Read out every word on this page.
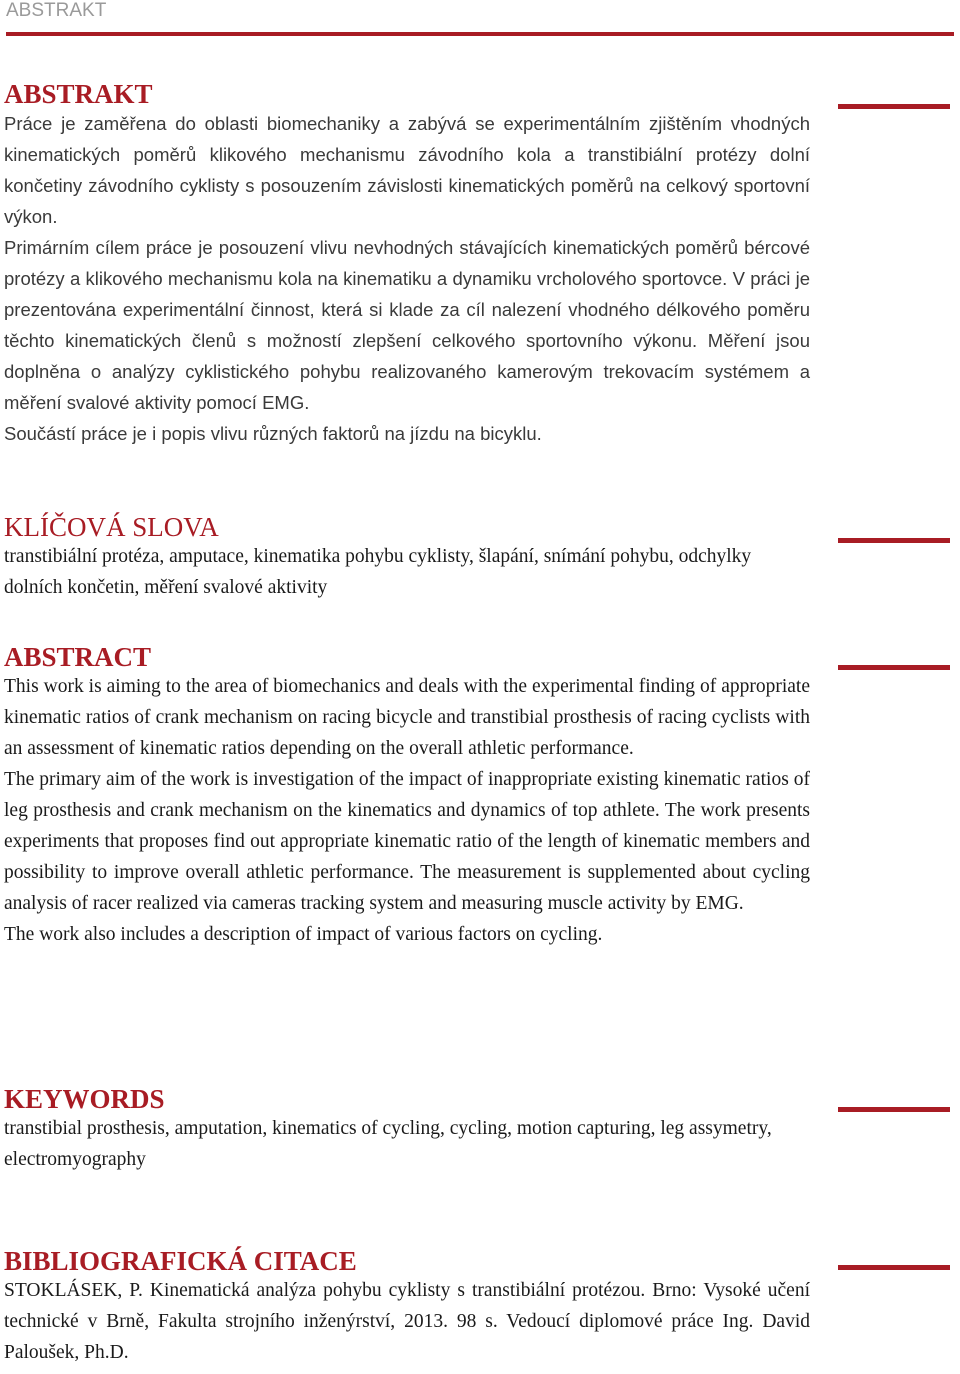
ABSTRAKT
ABSTRAKT

Práce je zaměřena do oblasti biomechaniky a zabývá se experimentálním zjištěním vhodných kinematických poměrů klikového mechanismu závodního kola a transtibiální protézy dolní končetiny závodního cyklisty s posouzením závislosti kinematických poměrů na celkový sportovní výkon.

Primárním cílem práce je posouzení vlivu nevhodných stávajících kinematických poměrů bércové protézy a klikového mechanismu kola na kinematiku a dynamiku vrcholového sportovce. V práci je prezentována experimentální činnost, která si klade za cíl nalezení vhodného délkového poměru těchto kinematických členů s možností zlepšení celkového sportovního výkonu. Měření jsou doplněna o analýzy cyklistického pohybu realizovaného kamerovým trekovacím systémem a měření svalové aktivity pomocí EMG.

Součástí práce je i popis vlivu různých faktorů na jízdu na bicyklu.

KLÍČOVÁ SLOVA

transtibiální protéza, amputace, kinematika pohybu cyklisty, šlapání, snímání pohybu, odchylky dolních končetin, měření svalové aktivity

ABSTRACT

This work is aiming to the area of biomechanics and deals with the experimental finding of appropriate kinematic ratios of crank mechanism on racing bicycle and transtibial prosthesis of racing cyclists with an assessment of kinematic ratios depending on the overall athletic performance.

The primary aim of the work is investigation of the impact of inappropriate existing kinematic ratios of leg prosthesis and crank mechanism on the kinematics and dynamics of top athlete. The work presents experiments that proposes find out appropriate kinematic ratio of the length of kinematic members and possibility to improve overall athletic performance. The measurement is supplemented about cycling analysis of racer realized via cameras tracking system and measuring muscle activity by EMG.

The work also includes a description of impact of various factors on cycling.

KEYWORDS

transtibial prosthesis, amputation, kinematics of cycling, cycling, motion capturing, leg assymetry, electromyography

BIBLIOGRAFICKÁ CITACE

STOKLÁSEK, P. Kinematická analýza pohybu cyklisty s transtibiální protézou. Brno: Vysoké učení technické v Brně, Fakulta strojního inženýrství, 2013. 98 s. Vedoucí diplomové práce Ing. David Paloušek, Ph.D.
